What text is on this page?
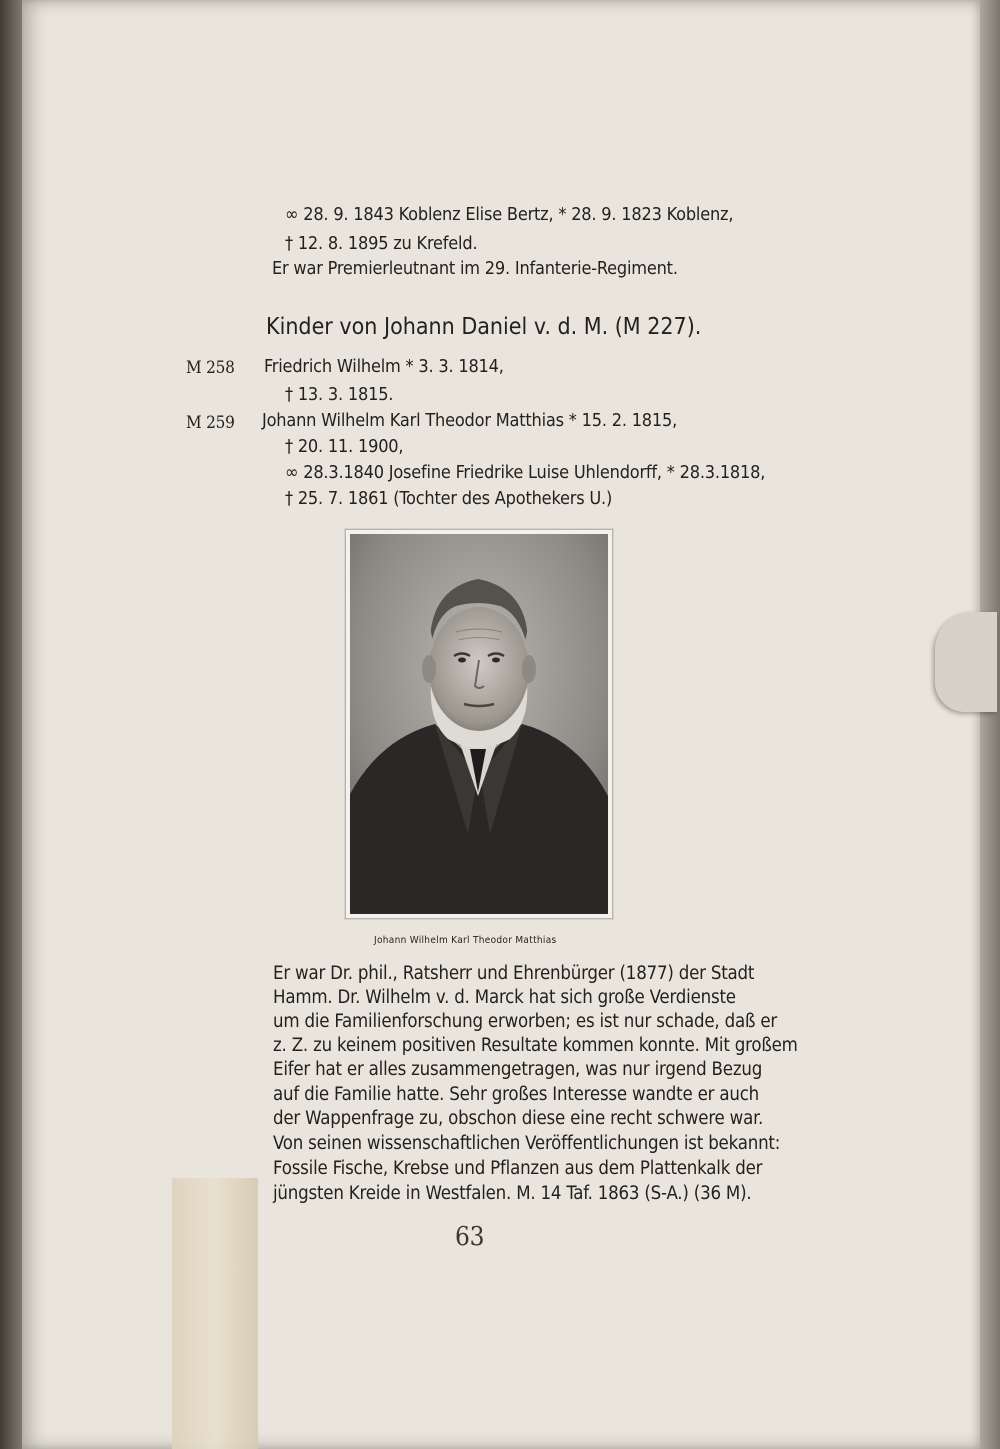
∞ 28. 9. 1843 Koblenz Elise Bertz, * 28. 9. 1823 Koblenz,
† 12. 8. 1895 zu Krefeld.
Er war Premierleutnant im 29. Infanterie-Regiment.
Kinder von Johann Daniel v. d. M. (M 227).
M 258 Friedrich Wilhelm * 3. 3. 1814,
† 13. 3. 1815.
M 259 Johann Wilhelm Karl Theodor Matthias * 15. 2. 1815,
† 20. 11. 1900,
∞ 28.3.1840 Josefine Friedrike Luise Uhlendorff, * 28.3.1818,
† 25. 7. 1861 (Tochter des Apothekers U.)
Johann Wilhelm Karl Theodor Matthias
Er war Dr. phil., Ratsherr und Ehrenbürger (1877) der Stadt
Hamm. Dr. Wilhelm v. d. Marck hat sich große Verdienste
um die Familienforschung erworben; es ist nur schade, daß er
z. Z. zu keinem positiven Resultate kommen konnte. Mit großem
Eifer hat er alles zusammengetragen, was nur irgend Bezug
auf die Familie hatte. Sehr großes Interesse wandte er auch
der Wappenfrage zu, obschon diese eine recht schwere war.
Von seinen wissenschaftlichen Veröffentlichungen ist bekannt:
Fossile Fische, Krebse und Pflanzen aus dem Plattenkalk der
jüngsten Kreide in Westfalen. M. 14 Taf. 1863 (S-A.) (36 M).
63
